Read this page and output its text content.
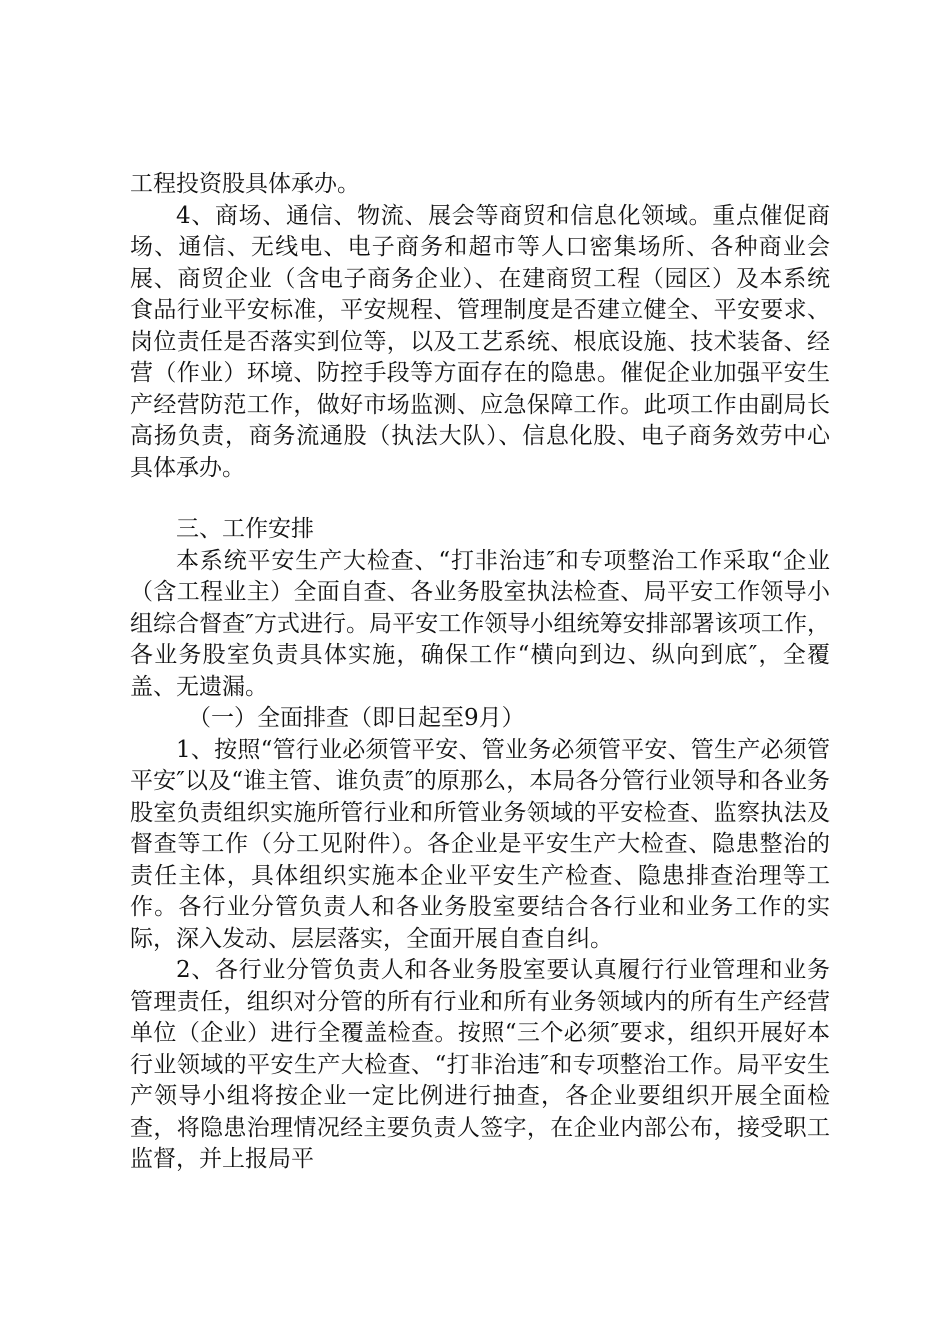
工程投资股具体承办。

4、商场、通信、物流、展会等商贸和信息化领域。重点催促商场、通信、无线电、电子商务和超市等人口密集场所、各种商业会展、商贸企业（含电子商务企业）、在建商贸工程（园区）及本系统食品行业平安标准，平安规程、管理制度是否建立健全、平安要求、岗位责任是否落实到位等，以及工艺系统、根底设施、技术装备、经营（作业）环境、防控手段等方面存在的隐患。催促企业加强平安生产经营防范工作，做好市场监测、应急保障工作。此项工作由副局长高扬负责，商务流通股（执法大队）、信息化股、电子商务效劳中心具体承办。

三、工作安排

本系统平安生产大检查、“打非治违″和专项整治工作采取“企业（含工程业主）全面自查、各业务股室执法检查、局平安工作领导小组综合督查″方式进行。局平安工作领导小组统筹安排部署该项工作，各业务股室负责具体实施，确保工作“横向到边、纵向到底″，全覆盖、无遗漏。

（一）全面排查（即日起至9月）

1、按照“管行业必须管平安、管业务必须管平安、管生产必须管平安″以及“谁主管、谁负责″的原那么，本局各分管行业领导和各业务股室负责组织实施所管行业和所管业务领域的平安检查、监察执法及督查等工作（分工见附件）。各企业是平安生产大检查、隐患整治的责任主体，具体组织实施本企业平安生产检查、隐患排查治理等工作。各行业分管负责人和各业务股室要结合各行业和业务工作的实际，深入发动、层层落实，全面开展自查自纠。

2、各行业分管负责人和各业务股室要认真履行行业管理和业务管理责任，组织对分管的所有行业和所有业务领域内的所有生产经营单位（企业）进行全覆盖检查。按照“三个必须″要求，组织开展好本行业领域的平安生产大检查、“打非治违″和专项整治工作。局平安生产领导小组将按企业一定比例进行抽查，各企业要组织开展全面检查，将隐患治理情况经主要负责人签字，在企业内部公布，接受职工监督，并上报局平
